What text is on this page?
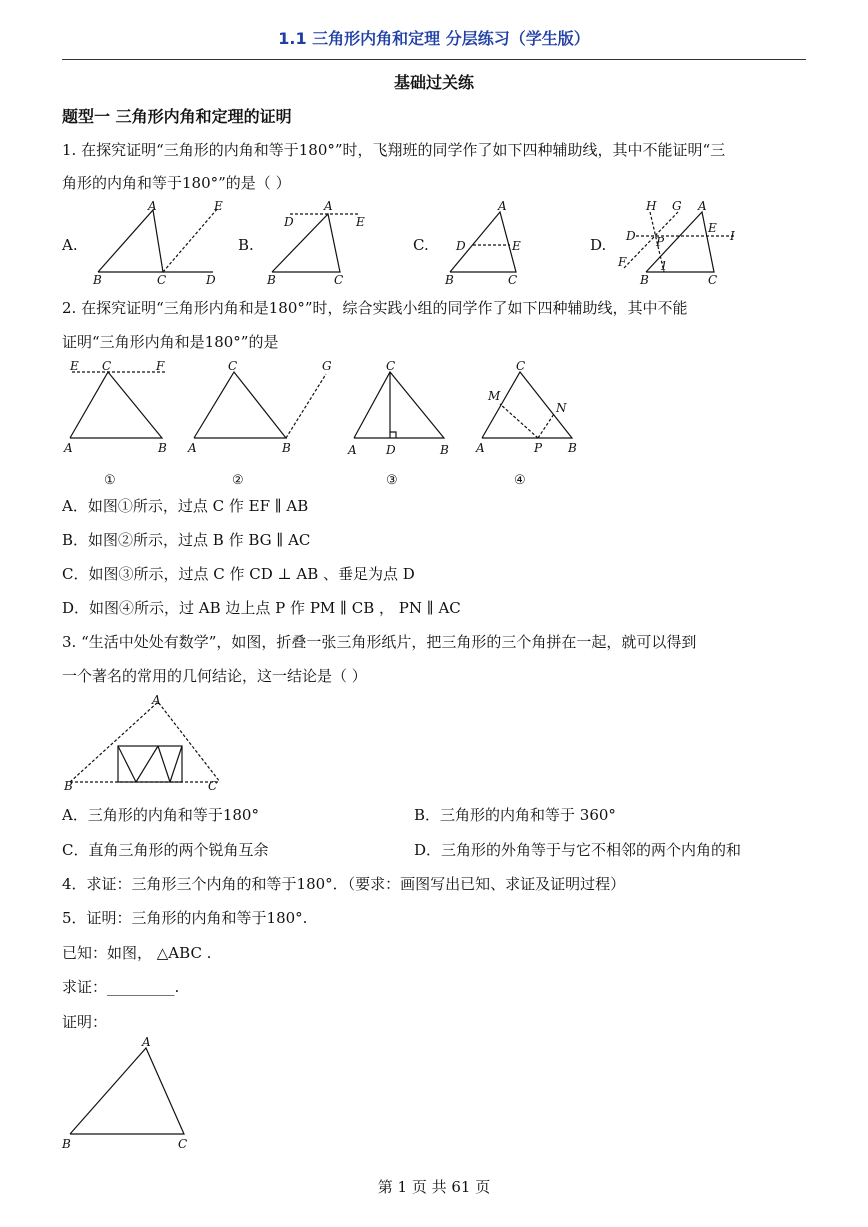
1.1 三角形内角和定理 分层练习（学生版）
基础过关练
题型一 三角形内角和定理的证明
1. 在探究证明“三角形的内角和等于180°”时，飞翔班的同学作了如下四种辅助线，其中不能证明“三
角形的内角和等于180°”的是（ ）
A.
A
B	C	D
E
B.
A
D	E
B	C
C.
A
D	E
B	C
D.
H G A
D
E
I
P
F	1
B	C
2. 在探究证明“三角形内角和是180°”时，综合实践小组的同学作了如下四种辅助线，其中不能
证明“三角形内角和是180°”的是
E C	F
A	B
①
C	G
A	B
②
C
A D	B
③
C
M
N
A	P B
④
A．如图①所示，过点 C 作 EF ∥ AB
B．如图②所示，过点 B 作 BG ∥ AC
C．如图③所示，过点 C 作 CD ⊥ AB 、垂足为点 D
D．如图④所示，过 AB 边上点 P 作 PM ∥ CB ， PN ∥ AC
3. “生活中处处有数学”，如图，折叠一张三角形纸片，把三角形的三个角拼在一起，就可以得到
一个著名的常用的几何结论，这一结论是（ ）
A
B	C
A．三角形的内角和等于180°	B．三角形的内角和等于 360°
C．直角三角形的两个锐角互余	D．三角形的外角等于与它不相邻的两个内角的和
4．求证：三角形三个内角的和等于180°．（要求：画图写出已知、求证及证明过程）
5．证明：三角形的内角和等于180°.
已知：如图， △ABC .
求证：_________.
证明：
A
B	C
第 1 页 共 61 页
